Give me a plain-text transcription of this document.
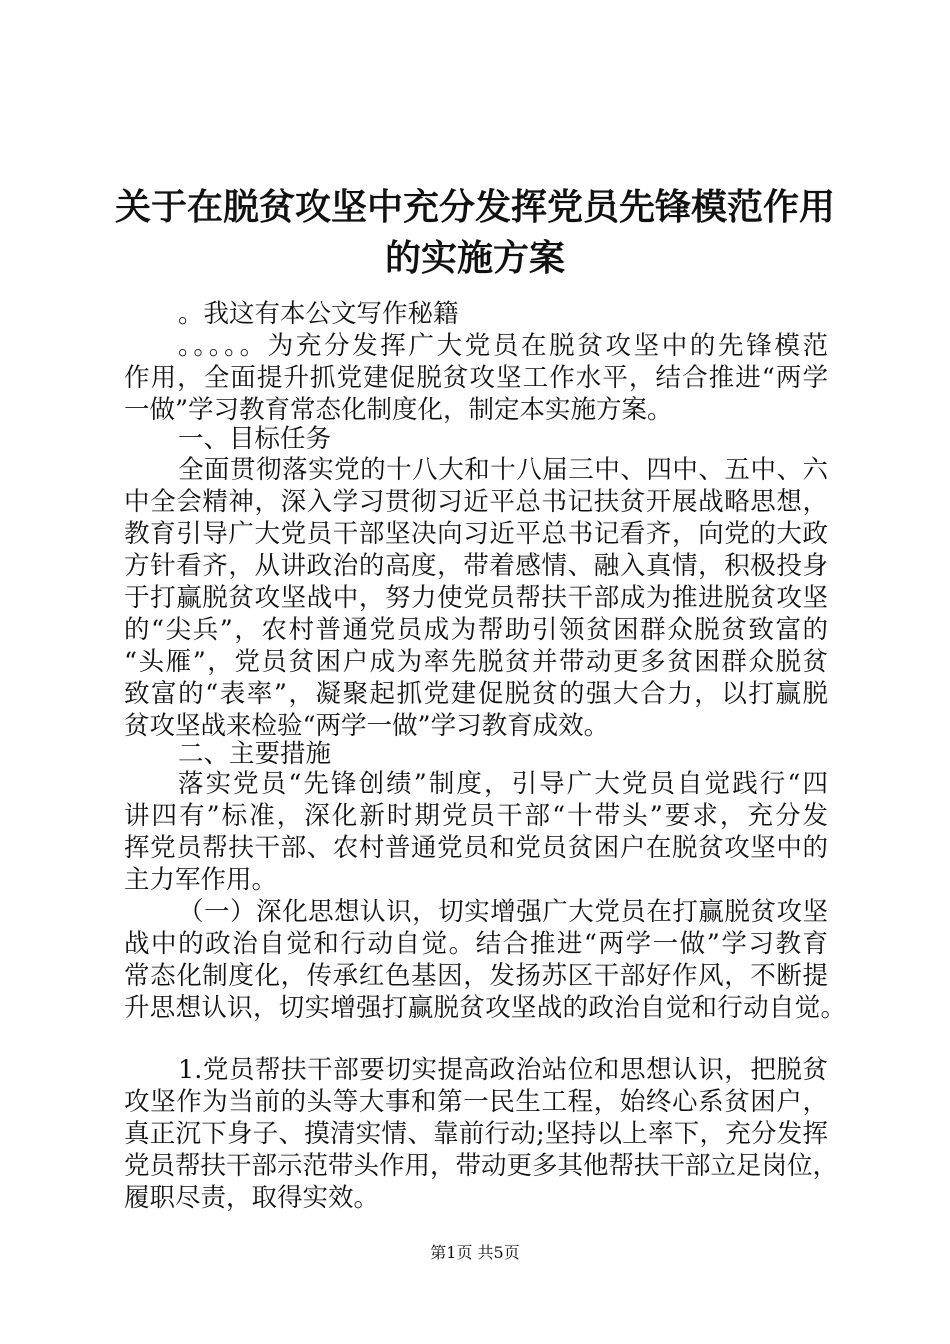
关于在脱贫攻坚中充分发挥党员先锋模范作用
的实施方案

。我这有本公文写作秘籍

。。。。。为充分发挥广大党员在脱贫攻坚中的先锋模范

作用，全面提升抓党建促脱贫攻坚工作水平，结合推进“两学

一做”学习教育常态化制度化，制定本实施方案。

一、目标任务

全面贯彻落实党的十八大和十八届三中、四中、五中、六

中全会精神，深入学习贯彻习近平总书记扶贫开展战略思想，

教育引导广大党员干部坚决向习近平总书记看齐，向党的大政

方针看齐，从讲政治的高度，带着感情、融入真情，积极投身

于打赢脱贫攻坚战中，努力使党员帮扶干部成为推进脱贫攻坚

的“尖兵”，农村普通党员成为帮助引领贫困群众脱贫致富的

“头雁”，党员贫困户成为率先脱贫并带动更多贫困群众脱贫

致富的“表率”，凝聚起抓党建促脱贫的强大合力，以打赢脱

贫攻坚战来检验“两学一做”学习教育成效。

二、主要措施

落实党员“先锋创绩”制度，引导广大党员自觉践行“四

讲四有”标准，深化新时期党员干部“十带头”要求，充分发

挥党员帮扶干部、农村普通党员和党员贫困户在脱贫攻坚中的

主力军作用。

（一）深化思想认识，切实增强广大党员在打赢脱贫攻坚

战中的政治自觉和行动自觉。结合推进“两学一做”学习教育

常态化制度化，传承红色基因，发扬苏区干部好作风，不断提

升思想认识，切实增强打赢脱贫攻坚战的政治自觉和行动自觉。

1.党员帮扶干部要切实提高政治站位和思想认识，把脱贫

攻坚作为当前的头等大事和第一民生工程，始终心系贫困户，

真正沉下身子、摸清实情、靠前行动;坚持以上率下，充分发挥

党员帮扶干部示范带头作用，带动更多其他帮扶干部立足岗位，

履职尽责，取得实效。

第1页 共5页
